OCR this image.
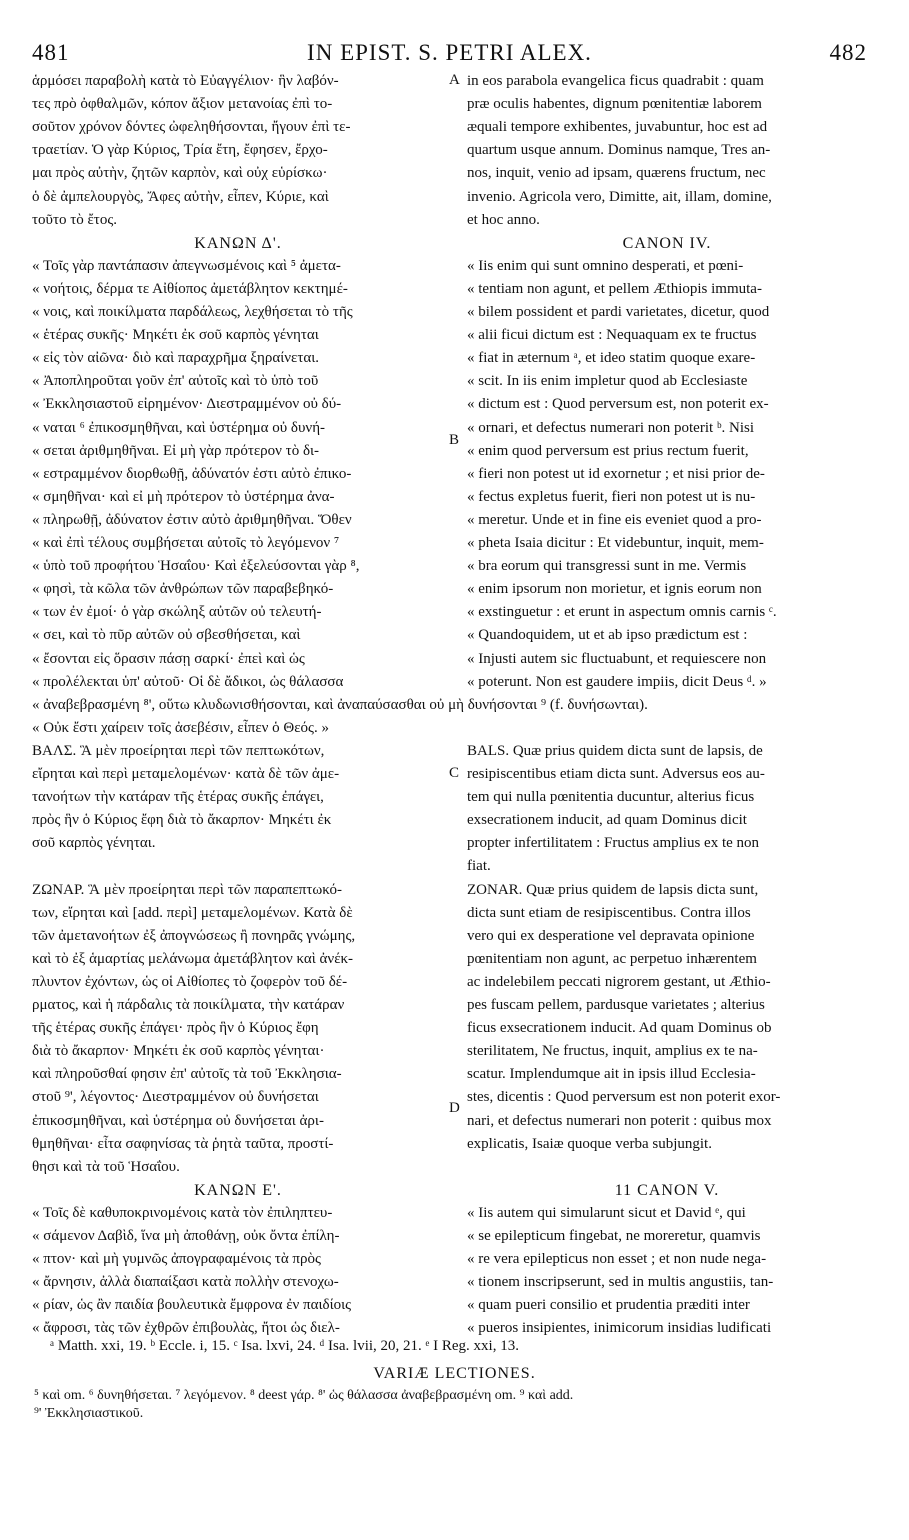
481	IN EPIST. S. PETRI ALEX.	482
ἁρμόσει παραβολὴ κατὰ τὸ Εὐαγγέλιον· ἣν λαβόν-
τες πρὸ ὀφθαλμῶν, κόπον ἄξιον μετανοίας ἐπὶ το-
σοῦτον χρόνον δόντες ὠφεληθήσονται, ἤγουν ἐπὶ τε-
τραετίαν. Ὁ γὰρ Κύριος, Τρία ἔτη, ἔφησεν, ἔρχο-
μαι πρὸς αὐτὴν, ζητῶν καρπὸν, καὶ οὐχ εὑρίσκω·
ὁ δὲ ἀμπελουργὸς, Ἄφες αὐτὴν, εἶπεν, Κύριε, καὶ
τοῦτο τὸ ἔτος.
ΚΑΝΩΝ Δ'.
« Τοῖς γὰρ παντάπασιν ἀπεγνωσμένοις καὶ ⁵ ἀμετα-
« νοήτοις, δέρμα τε Αἰθίοπος ἀμετάβλητον κεκτημέ-
« νοις, καὶ ποικίλματα παρδάλεως, λεχθήσεται τὸ τῆς
« ἑτέρας συκῆς· Μηκέτι ἐκ σοῦ καρπὸς γένηται
« εἰς τὸν αἰῶνα· διὸ καὶ παραχρῆμα ξηραίνεται.
« Ἀποπληροῦται γοῦν ἐπ' αὐτοῖς καὶ τὸ ὑπὸ τοῦ
« Ἐκκλησιαστοῦ εἰρημένον· Διεστραμμένον οὐ δύ-
« ναται ⁶ ἐπικοσμηθῆναι, καὶ ὑστέρημα οὐ δυνή-
« σεται ἀριθμηθῆναι. Εἰ μὴ γὰρ πρότερον τὸ δι-
« εστραμμένον διορθωθῇ, ἀδύνατόν ἐστι αὐτὸ ἐπικο-
« σμηθῆναι· καὶ εἰ μὴ πρότερον τὸ ὑστέρημα ἀνα-
« πληρωθῇ, ἀδύνατον ἐστιν αὐτὸ ἀριθμηθῆναι. Ὅθεν
« καὶ ἐπὶ τέλους συμβήσεται αὐτοῖς τὸ λεγόμενον ⁷
« ὑπὸ τοῦ προφήτου Ἡσαΐου· Καὶ ἐξελεύσονται γὰρ ⁸,
« φησὶ, τὰ κῶλα τῶν ἀνθρώπων τῶν παραβεβηκό-
« των ἐν ἐμοί· ὁ γὰρ σκώληξ αὐτῶν οὐ τελευτή-
« σει, καὶ τὸ πῦρ αὐτῶν οὐ σβεσθήσεται, καὶ
« ἔσονται εἰς ὅρασιν πάσῃ σαρκί· ἐπεὶ καὶ ὡς
« προλέλεκται ὑπ' αὐτοῦ· Οἱ δὲ ἄδικοι, ὡς θάλασσα
« ἀναβεβρασμένη ⁸', οὕτω κλυδωνισθήσονται, καὶ ἀναπαύσασθαι οὐ μὴ δυνήσονται ⁹ (f. δυνήσωνται).
« Οὐκ ἔστι χαίρειν τοῖς ἀσεβέσιν, εἶπεν ὁ Θεός. »
ΒΑΛΣ. Ἃ μὲν προείρηται περὶ τῶν πεπτωκότων,
εἴρηται καὶ περὶ μεταμελομένων· κατὰ δὲ τῶν ἀμε-
τανοήτων τὴν κατάραν τῆς ἑτέρας συκῆς ἐπάγει,
πρὸς ἣν ὁ Κύριος ἔφη διὰ τὸ ἄκαρπον· Μηκέτι ἐκ
σοῦ καρπὸς γένηται.
ΖΩΝΑΡ. Ἃ μὲν προείρηται περὶ τῶν παραπεπτωκό-
των, εἴρηται καὶ [add. περὶ] μεταμελομένων. Κατὰ δὲ
τῶν ἀμετανοήτων ἐξ ἀπογνώσεως ἢ πονηρᾶς γνώμης,
καὶ τὸ ἐξ ἁμαρτίας μελάνωμα ἀμετάβλητον καὶ ἀνέκ-
πλυντον ἐχόντων, ὡς οἱ Αἰθίοπες τὸ ζοφερὸν τοῦ δέ-
ρματος, καὶ ἡ πάρδαλις τὰ ποικίλματα, τὴν κατάραν
τῆς ἑτέρας συκῆς ἐπάγει· πρὸς ἣν ὁ Κύριος ἔφη
διὰ τὸ ἄκαρπον· Μηκέτι ἐκ σοῦ καρπὸς γένηται·
καὶ πληροῦσθαί φησιν ἐπ' αὐτοῖς τὰ τοῦ Ἐκκλησια-
στοῦ ⁹', λέγοντος· Διεστραμμένον οὐ δυνήσεται
ἐπικοσμηθῆναι, καὶ ὑστέρημα οὐ δυνήσεται ἀρι-
θμηθῆναι· εἶτα σαφηνίσας τὰ ῥητὰ ταῦτα, προστί-
θησι καὶ τὰ τοῦ Ἡσαΐου.
ΚΑΝΩΝ Ε'.
« Τοῖς δὲ καθυποκρινομένοις κατὰ τὸν ἐπιληπτευ-
« σάμενον Δαβὶδ, ἵνα μὴ ἀποθάνῃ, οὐκ ὄντα ἐπίλη-
« πτον· καὶ μὴ γυμνῶς ἀπογραφαμένοις τὰ πρὸς
« ἄρνησιν, ἀλλὰ διαπαίξασι κατὰ πολλὴν στενοχω-
« ρίαν, ὡς ἂν παιδία βουλευτικὰ ἔμφρονα ἐν παιδίοις
« ἄφροσι, τὰς τῶν ἐχθρῶν ἐπιβουλὰς, ἤτοι ὡς διελ-
in eos parabola evangelica ficus quadrabit : quam
præ oculis habentes, dignum pœnitentiæ laborem
æquali tempore exhibentes, juvabuntur, hoc est ad
quartum usque annum. Dominus namque, Tres an-
nos, inquit, venio ad ipsam, quærens fructum, nec
invenio. Agricola vero, Dimitte, ait, illam, domine,
et hoc anno.
CANON IV.
« Iis enim qui sunt omnino desperati, et pœni-
« tentiam non agunt, et pellem Æthiopis immuta-
« bilem possident et pardi varietates, dicetur, quod
« alii ficui dictum est : Nequaquam ex te fructus
« fiat in æternum ᵃ, et ideo statim quoque exare-
« scit. In iis enim impletur quod ab Ecclesiaste
« dictum est : Quod perversum est, non poterit ex-
« ornari, et defectus numerari non poterit ᵇ. Nisi
« enim quod perversum est prius rectum fuerit,
« fieri non potest ut id exornetur ; et nisi prior de-
« fectus expletus fuerit, fieri non potest ut is nu-
« meretur. Unde et in fine eis eveniet quod a pro-
« pheta Isaia dicitur : Et videbuntur, inquit, mem-
« bra eorum qui transgressi sunt in me. Vermis
« enim ipsorum non morietur, et ignis eorum non
« exstinguetur : et erunt in aspectum omnis carnis ᶜ.
« Quandoquidem, ut et ab ipso prædictum est :
« Injusti autem sic fluctuabunt, et requiescere non
« poterunt. Non est gaudere impiis, dicit Deus ᵈ. »
BALS. Quæ prius quidem dicta sunt de lapsis, de
resipiscentibus etiam dicta sunt. Adversus eos au-
tem qui nulla pœnitentia ducuntur, alterius ficus
exsecrationem inducit, ad quam Dominus dicit
propter infertilitatem : Fructus amplius ex te non
fiat.
ZONAR. Quæ prius quidem de lapsis dicta sunt,
dicta sunt etiam de resipiscentibus. Contra illos
vero qui ex desperatione vel depravata opinione
pœnitentiam non agunt, ac perpetuo inhærentem
ac indelebilem peccati nigrorem gestant, ut Æthio-
pes fuscam pellem, pardusque varietates ; alterius
ficus exsecrationem inducit. Ad quam Dominus ob
sterilitatem, Ne fructus, inquit, amplius ex te na-
scatur. Implendumque ait in ipsis illud Ecclesia-
stes, dicentis : Quod perversum est non poterit exor-
nari, et defectus numerari non poterit : quibus mox
explicatis, Isaiæ quoque verba subjungit.
11 CANON V.
« Iis autem qui simularunt sicut et David ᵉ, qui
« se epilepticum fingebat, ne moreretur, quamvis
« re vera epilepticus non esset ; et non nude nega-
« tionem inscripserunt, sed in multis angustiis, tan-
« quam pueri consilio et prudentia præditi inter
« pueros insipientes, inimicorum insidias ludificati
A
B
C
D
ᵃ Matth. xxi, 19. ᵇ Eccle. i, 15. ᶜ Isa. lxvi, 24. ᵈ Isa. lvii, 20, 21. ᵉ I Reg. xxi, 13.
VARIÆ LECTIONES.
⁵ καὶ om. ⁶ δυνηθήσεται. ⁷ λεγόμενον. ⁸ deest γάρ. ⁸' ὡς θάλασσα ἀναβεβρασμένη om. ⁹ καὶ add.
⁹' Ἐκκλησιαστικοῦ.
